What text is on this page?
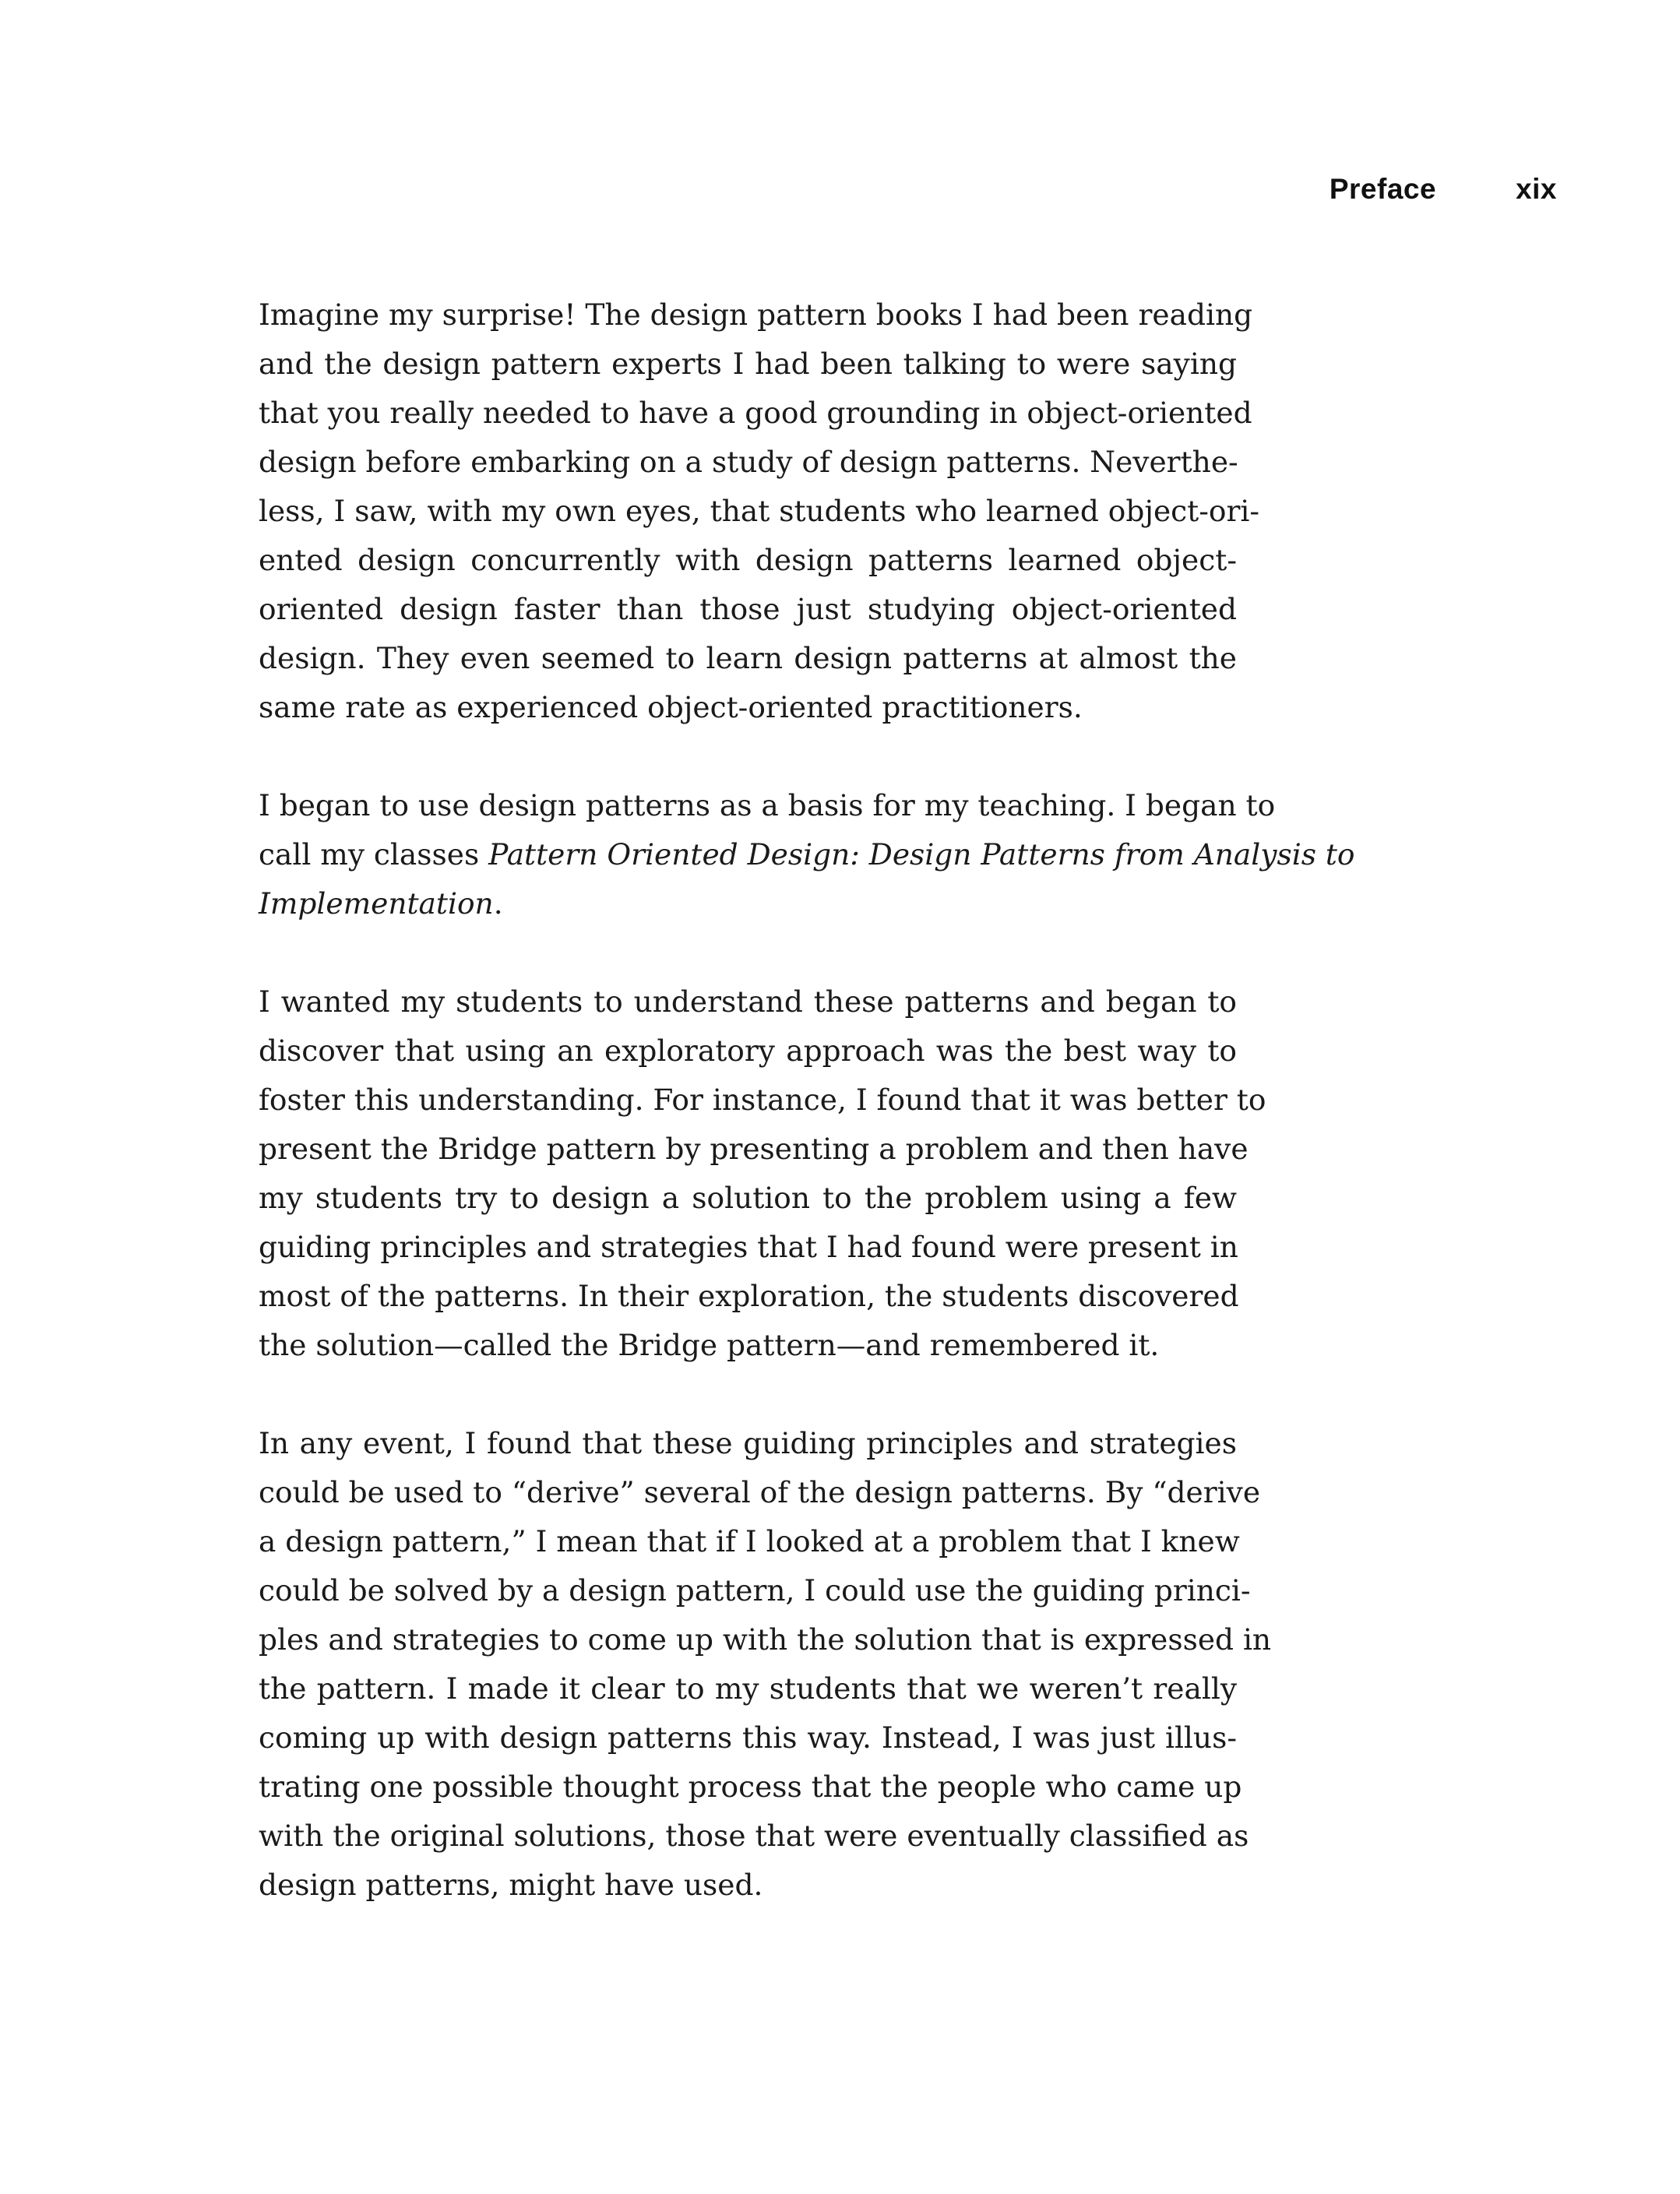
Preface	xix
Imagine my surprise! The design pattern books I had been reading
and the design pattern experts I had been talking to were saying
that you really needed to have a good grounding in object-oriented
design before embarking on a study of design patterns. Neverthe-
less, I saw, with my own eyes, that students who learned object-ori-
ented design concurrently with design patterns learned object-
oriented design faster than those just studying object-oriented
design. They even seemed to learn design patterns at almost the
same rate as experienced object-oriented practitioners.
I began to use design patterns as a basis for my teaching. I began to
call my classes Pattern Oriented Design: Design Patterns from Analysis to
Implementation.
I wanted my students to understand these patterns and began to
discover that using an exploratory approach was the best way to
foster this understanding. For instance, I found that it was better to
present the Bridge pattern by presenting a problem and then have
my students try to design a solution to the problem using a few
guiding principles and strategies that I had found were present in
most of the patterns. In their exploration, the students discovered
the solution—called the Bridge pattern—and remembered it.
In any event, I found that these guiding principles and strategies
could be used to “derive” several of the design patterns. By “derive
a design pattern,” I mean that if I looked at a problem that I knew
could be solved by a design pattern, I could use the guiding princi-
ples and strategies to come up with the solution that is expressed in
the pattern. I made it clear to my students that we weren’t really
coming up with design patterns this way. Instead, I was just illus-
trating one possible thought process that the people who came up
with the original solutions, those that were eventually classified as
design patterns, might have used.
